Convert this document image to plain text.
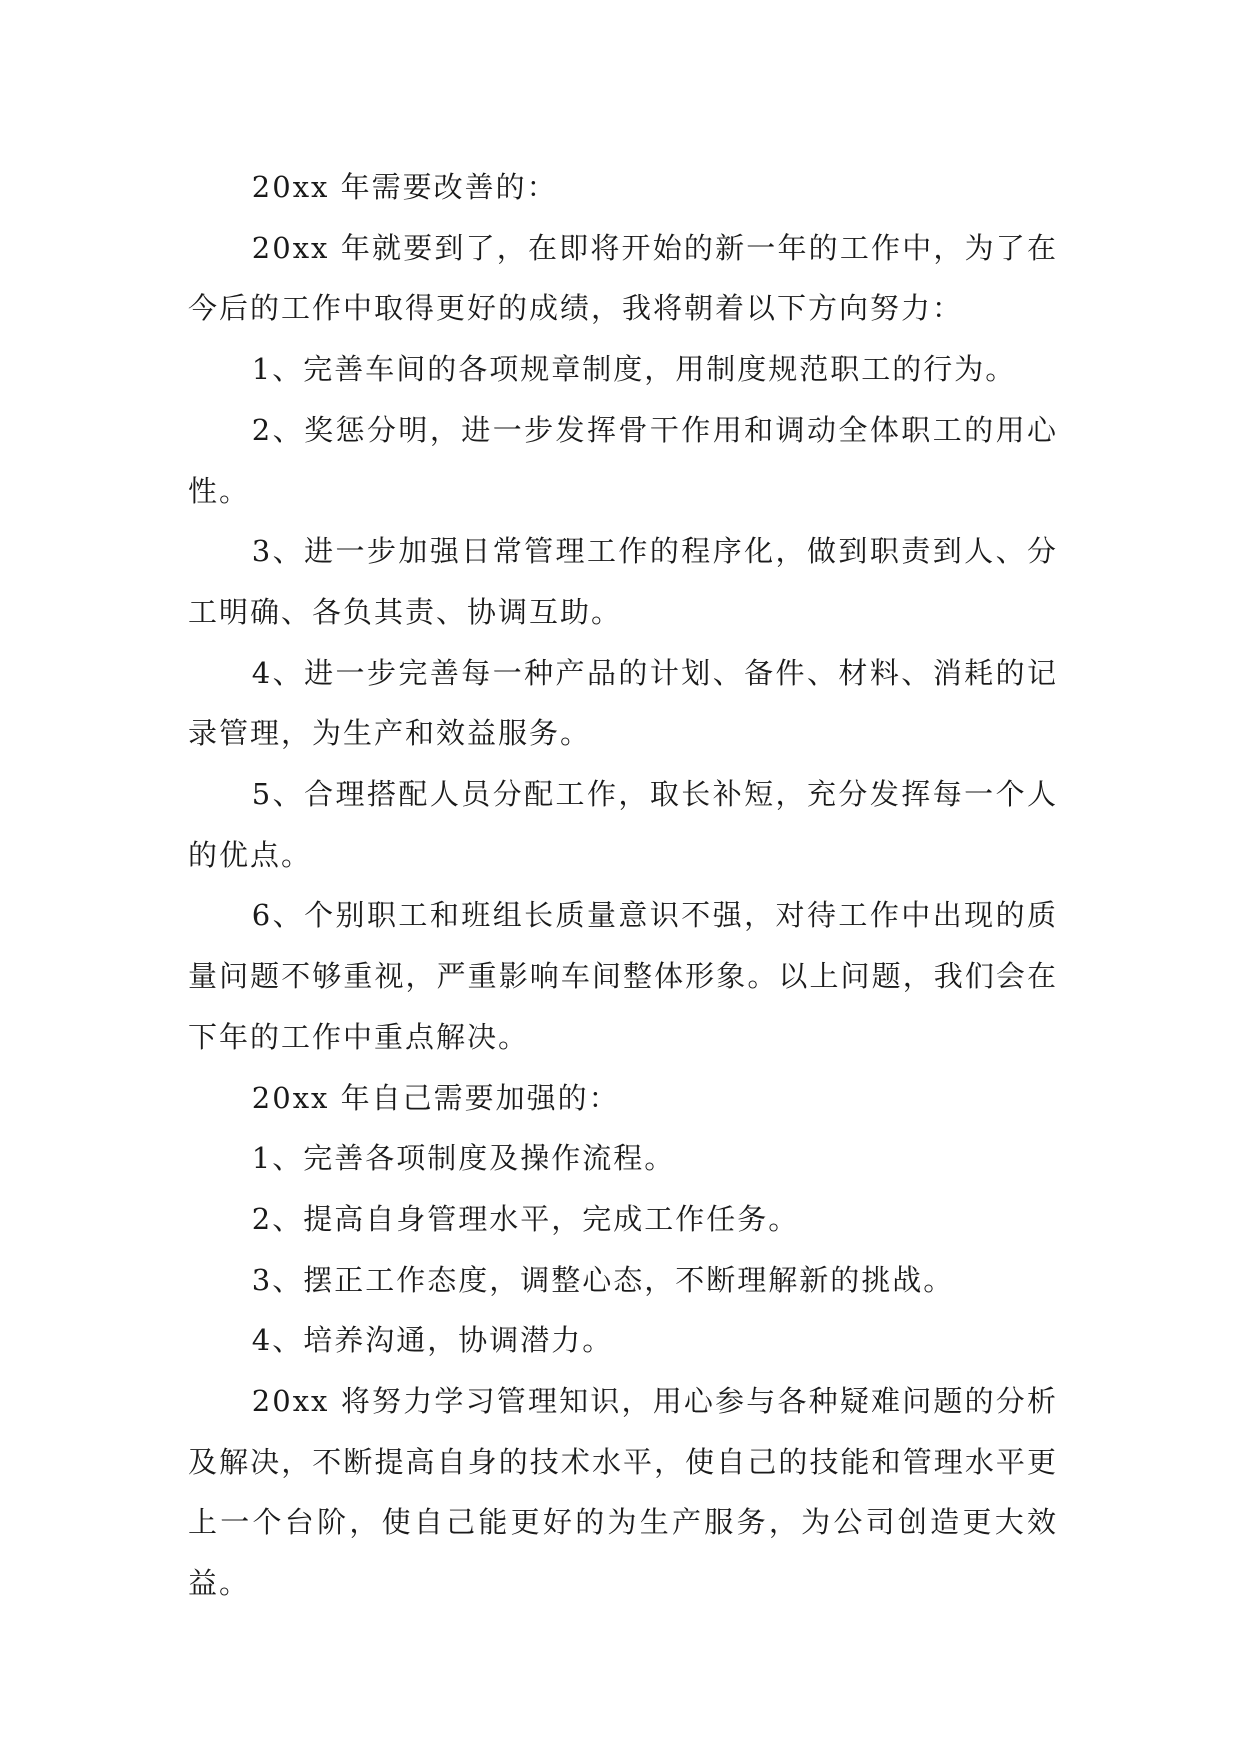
20xx 年需要改善的：

20xx 年就要到了，在即将开始的新一年的工作中，为了在今后的工作中取得更好的成绩，我将朝着以下方向努力：

1、完善车间的各项规章制度，用制度规范职工的行为。

2、奖惩分明，进一步发挥骨干作用和调动全体职工的用心性。

3、进一步加强日常管理工作的程序化，做到职责到人、分工明确、各负其责、协调互助。

4、进一步完善每一种产品的计划、备件、材料、消耗的记录管理，为生产和效益服务。

5、合理搭配人员分配工作，取长补短，充分发挥每一个人的优点。

6、个别职工和班组长质量意识不强，对待工作中出现的质量问题不够重视，严重影响车间整体形象。以上问题，我们会在下年的工作中重点解决。

20xx 年自己需要加强的：

1、完善各项制度及操作流程。

2、提高自身管理水平，完成工作任务。

3、摆正工作态度，调整心态，不断理解新的挑战。

4、培养沟通，协调潜力。

20xx 将努力学习管理知识，用心参与各种疑难问题的分析及解决，不断提高自身的技术水平，使自己的技能和管理水平更上一个台阶，使自己能更好的为生产服务，为公司创造更大效益。
